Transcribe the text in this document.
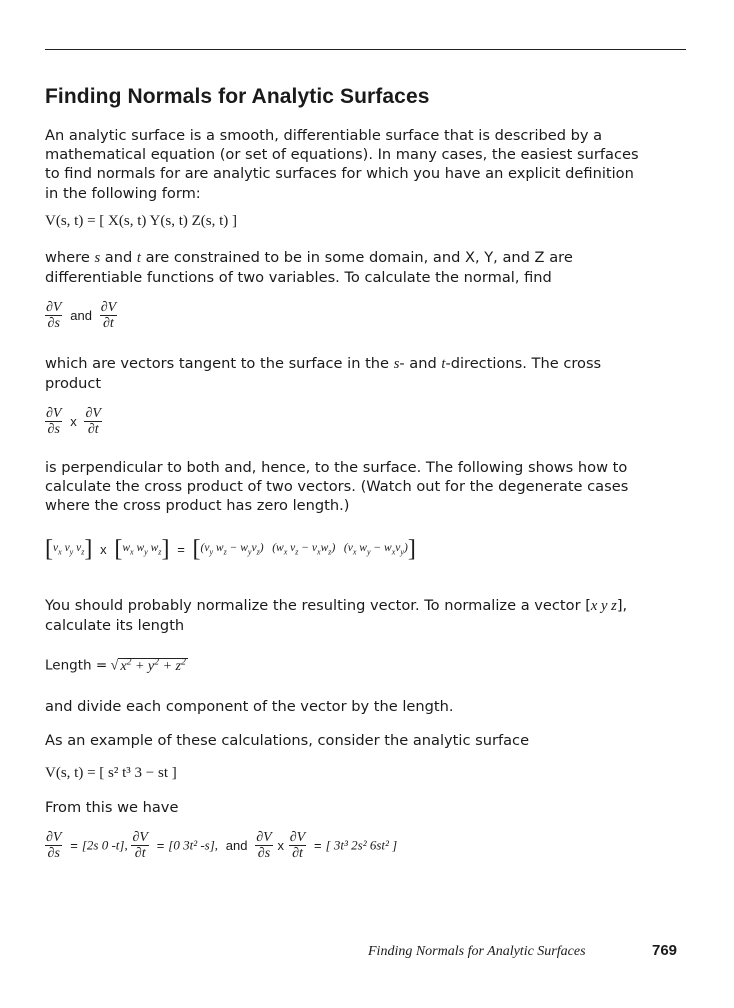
Finding Normals for Analytic Surfaces
An analytic surface is a smooth, differentiable surface that is described by a mathematical equation (or set of equations). In many cases, the easiest surfaces to find normals for are analytic surfaces for which you have an explicit definition in the following form:
V(s, t) = [ X(s, t) Y(s, t) Z(s, t) ]
where s and t are constrained to be in some domain, and X, Y, and Z are differentiable functions of two variables. To calculate the normal, find
$\frac{\partial V}{\partial s}$ and $\frac{\partial V}{\partial t}$
which are vectors tangent to the surface in the s- and t-directions. The cross product
$\frac{\partial V}{\partial s}$ x $\frac{\partial V}{\partial t}$
is perpendicular to both and, hence, to the surface. The following shows how to calculate the cross product of two vectors. (Watch out for the degenerate cases where the cross product has zero length.)
[$v_x$ $v_y$ $v_z$] x [$w_x$ $w_y$ $w_z] = [(v_y$ $w_z - w_yv_z$)   ($w_x$ $v_z - v_xw_z$)   ($v_x$ $w_y - w_xv_y$)]
You should probably normalize the resulting vector. To normalize a vector [x y z], calculate its length
Length = √ $x^2 + y^2 + z^2$
and divide each component of the vector by the length.
As an example of these calculations, consider the analytic surface
V(s, t) = [ s² t³ 3 − st ]
From this we have
$\frac{\partial V}{\partial s} = [2s$ 0 -t], $\frac{\partial V}{\partial t} = [0$ 3t² -s], and $\frac{\partial V}{\partial s}$ x $\frac{\partial V}{\partial t}$ = [ 3t³ 2s² 6st² ]
Finding Normals for Analytic Surfaces	769
